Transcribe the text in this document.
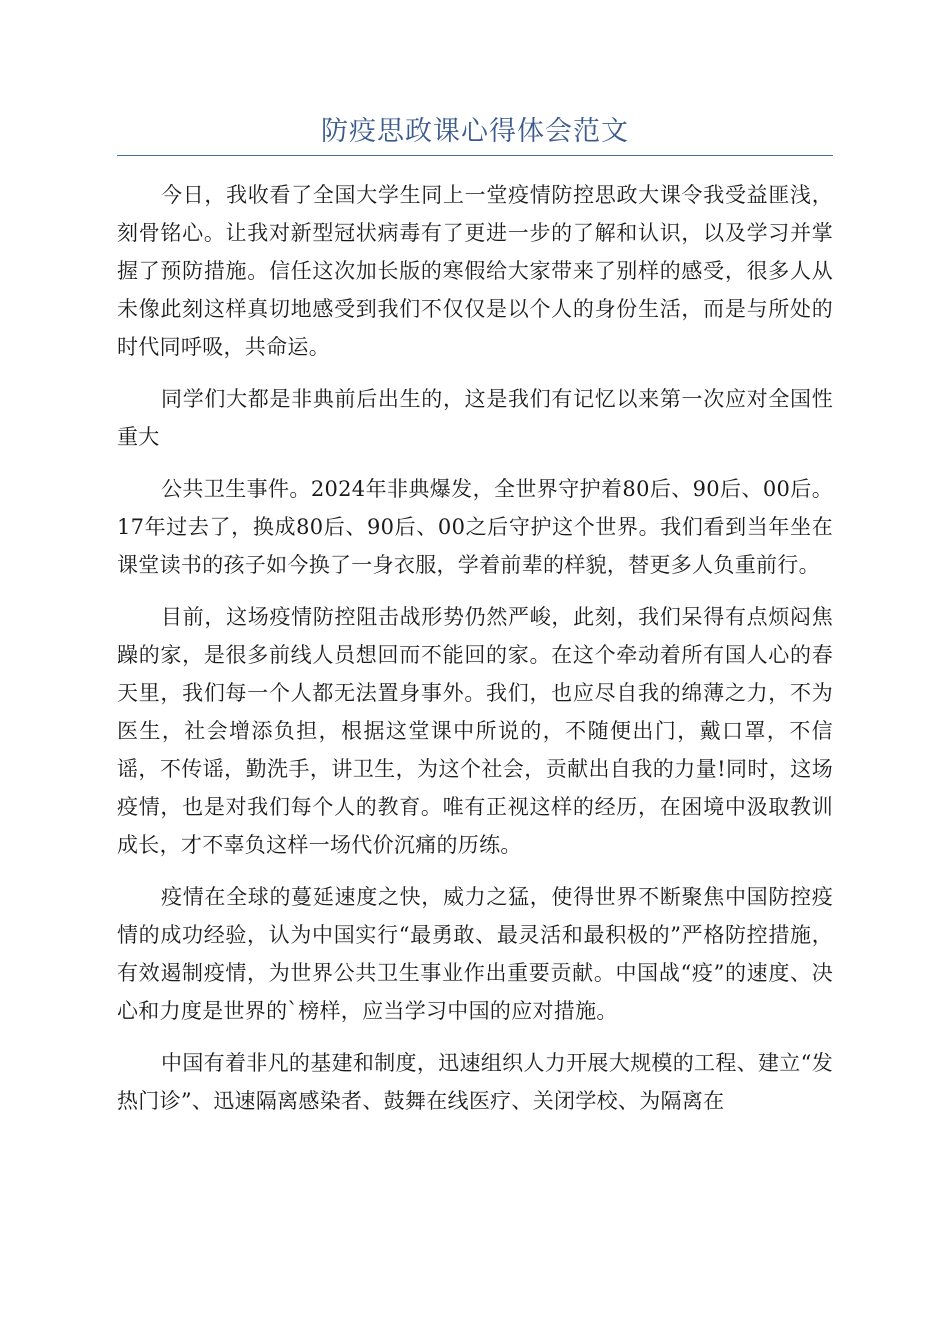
防疫思政课心得体会范文

今日，我收看了全国大学生同上一堂疫情防控思政大课令我受益匪浅，刻骨铭心。让我对新型冠状病毒有了更进一步的了解和认识，以及学习并掌握了预防措施。信任这次加长版的寒假给大家带来了别样的感受，很多人从未像此刻这样真切地感受到我们不仅仅是以个人的身份生活，而是与所处的时代同呼吸，共命运。

同学们大都是非典前后出生的，这是我们有记忆以来第一次应对全国性重大

公共卫生事件。2024年非典爆发，全世界守护着80后、90后、00后。17年过去了，换成80后、90后、00之后守护这个世界。我们看到当年坐在课堂读书的孩子如今换了一身衣服，学着前辈的样貌，替更多人负重前行。

目前，这场疫情防控阻击战形势仍然严峻，此刻，我们呆得有点烦闷焦躁的家，是很多前线人员想回而不能回的家。在这个牵动着所有国人心的春天里，我们每一个人都无法置身事外。我们，也应尽自我的绵薄之力，不为医生，社会增添负担，根据这堂课中所说的，不随便出门，戴口罩，不信谣，不传谣，勤洗手，讲卫生，为这个社会，贡献出自我的力量!同时，这场疫情，也是对我们每个人的教育。唯有正视这样的经历，在困境中汲取教训成长，才不辜负这样一场代价沉痛的历练。

疫情在全球的蔓延速度之快，威力之猛，使得世界不断聚焦中国防控疫情的成功经验，认为中国实行“最勇敢、最灵活和最积极的”严格防控措施，有效遏制疫情，为世界公共卫生事业作出重要贡献。中国战“疫”的速度、决心和力度是世界的`榜样，应当学习中国的应对措施。

中国有着非凡的基建和制度，迅速组织人力开展大规模的工程、建立“发热门诊”、迅速隔离感染者、鼓舞在线医疗、关闭学校、为隔离在
